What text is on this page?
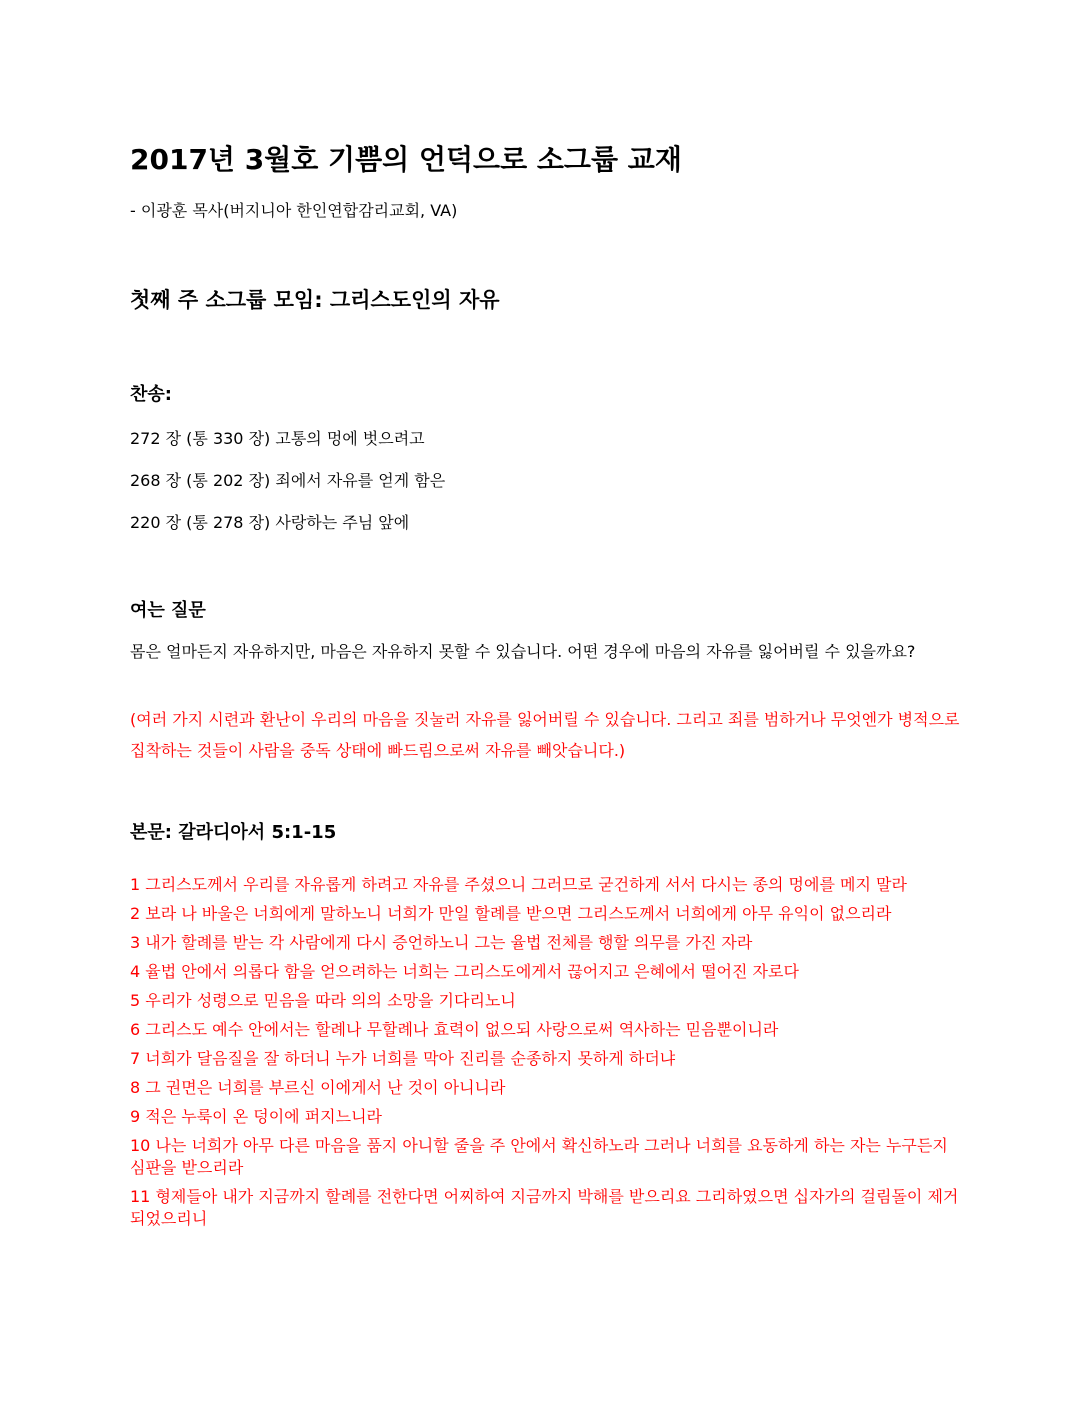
2017년 3월호 기쁨의 언덕으로 소그룹 교재
- 이광훈 목사(버지니아 한인연합감리교회, VA)
첫째 주 소그룹 모임: 그리스도인의 자유
찬송:
272 장 (통 330 장) 고통의 멍에 벗으려고
268 장 (통 202 장) 죄에서 자유를 얻게 함은
220 장 (통 278 장) 사랑하는 주님 앞에
여는 질문
몸은 얼마든지 자유하지만, 마음은 자유하지 못할 수 있습니다. 어떤 경우에 마음의 자유를 잃어버릴 수 있을까요?
(여러 가지 시련과 환난이 우리의 마음을 짓눌러 자유를 잃어버릴 수 있습니다. 그리고 죄를 범하거나 무엇엔가 병적으로 집착하는 것들이 사람을 중독 상태에 빠드림으로써 자유를 빼앗습니다.)
본문: 갈라디아서 5:1-15
1 그리스도께서 우리를 자유롭게 하려고 자유를 주셨으니 그러므로 굳건하게 서서 다시는 종의 멍에를 메지 말라
2 보라 나 바울은 너희에게 말하노니 너희가 만일 할례를 받으면 그리스도께서 너희에게 아무 유익이 없으리라
3 내가 할례를 받는 각 사람에게 다시 증언하노니 그는 율법 전체를 행할 의무를 가진 자라
4 율법 안에서 의롭다 함을 얻으려하는 너희는 그리스도에게서 끊어지고 은혜에서 떨어진 자로다
5 우리가 성령으로 믿음을 따라 의의 소망을 기다리노니
6 그리스도 예수 안에서는 할례나 무할례나 효력이 없으되 사랑으로써 역사하는 믿음뿐이니라
7 너희가 달음질을 잘 하더니 누가 너희를 막아 진리를 순종하지 못하게 하더냐
8 그 권면은 너희를 부르신 이에게서 난 것이 아니니라
9 적은 누룩이 온 덩이에 퍼지느니라
10 나는 너희가 아무 다른 마음을 품지 아니할 줄을 주 안에서 확신하노라 그러나 너희를 요동하게 하는 자는 누구든지 심판을 받으리라
11 형제들아 내가 지금까지 할례를 전한다면 어찌하여 지금까지 박해를 받으리요 그리하였으면 십자가의 걸림돌이 제거되었으리니
